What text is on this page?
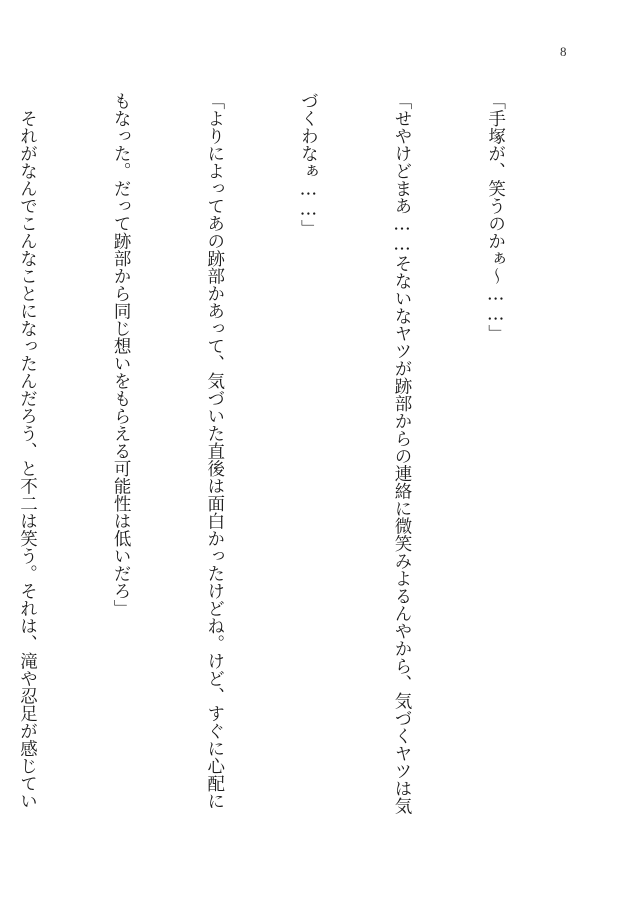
8

「手塚が、笑うのかぁ〜……」

「せやけどまあ……そないなヤツが跡部からの連絡に微笑みよるんやから、気づくヤツは気

づくわなぁ……」

「よりによってあの跡部かあって、気づいた直後は面白かったけどね。けど、すぐに心配に

もなった。だって跡部から同じ想いをもらえる可能性は低いだろ」

　それがなんでこんなことになったんだろう、と不二は笑う。それは、滝や忍足が感じてい
